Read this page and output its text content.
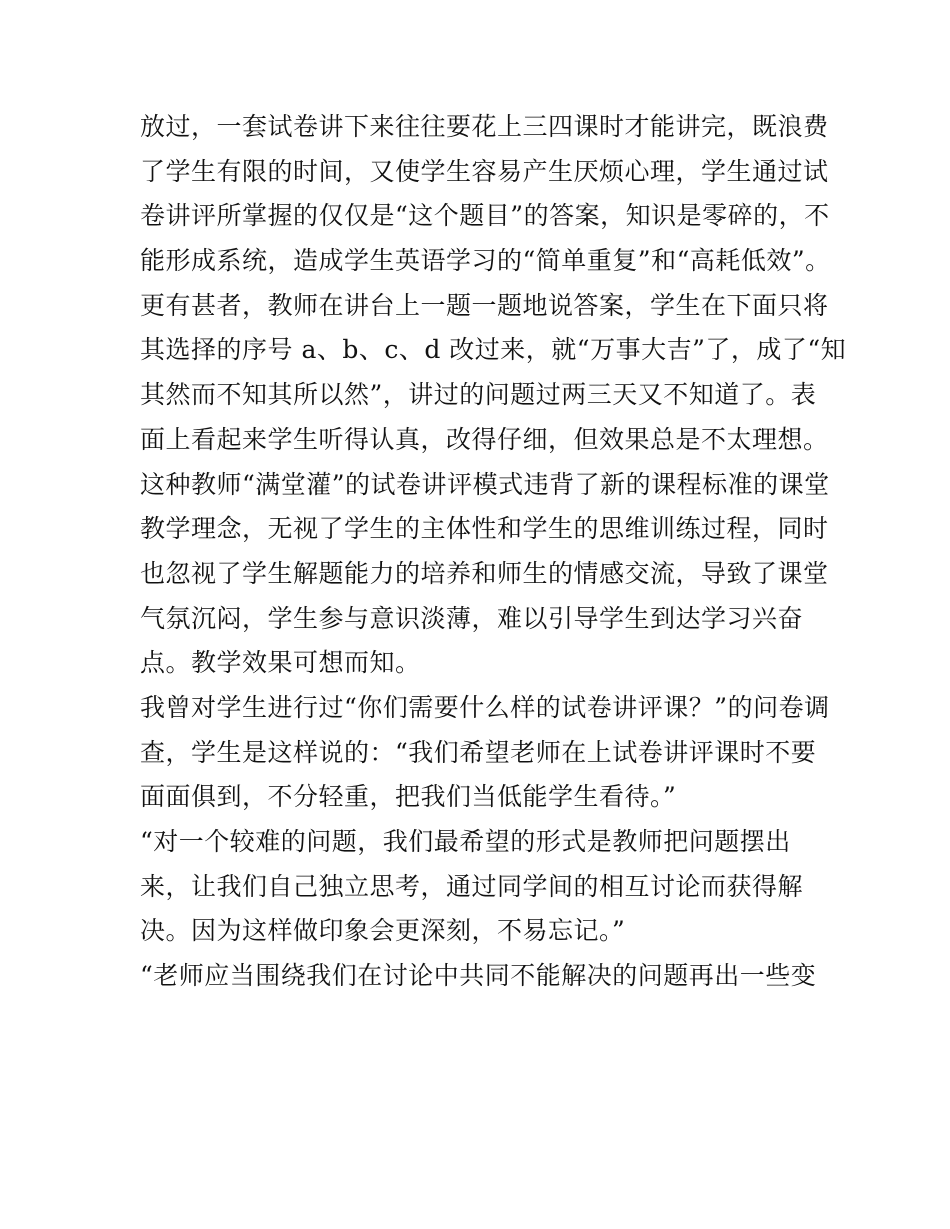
放过，一套试卷讲下来往往要花上三四课时才能讲完，既浪费
了学生有限的时间，又使学生容易产生厌烦心理，学生通过试
卷讲评所掌握的仅仅是“这个题目”的答案，知识是零碎的，不
能形成系统，造成学生英语学习的“简单重复”和“高耗低效”。
更有甚者，教师在讲台上一题一题地说答案，学生在下面只将
其选择的序号 a、b、c、d 改过来，就“万事大吉”了，成了“知
其然而不知其所以然”，讲过的问题过两三天又不知道了。表
面上看起来学生听得认真，改得仔细，但效果总是不太理想。
这种教师“满堂灌”的试卷讲评模式违背了新的课程标准的课堂
教学理念，无视了学生的主体性和学生的思维训练过程，同时
也忽视了学生解题能力的培养和师生的情感交流，导致了课堂
气氛沉闷，学生参与意识淡薄，难以引导学生到达学习兴奋
点。教学效果可想而知。
我曾对学生进行过“你们需要什么样的试卷讲评课？”的问卷调
查，学生是这样说的：“我们希望老师在上试卷讲评课时不要
面面俱到，不分轻重，把我们当低能学生看待。”
“对一个较难的问题，我们最希望的形式是教师把问题摆出
来，让我们自己独立思考，通过同学间的相互讨论而获得解
决。因为这样做印象会更深刻，不易忘记。”
“老师应当围绕我们在讨论中共同不能解决的问题再出一些变
